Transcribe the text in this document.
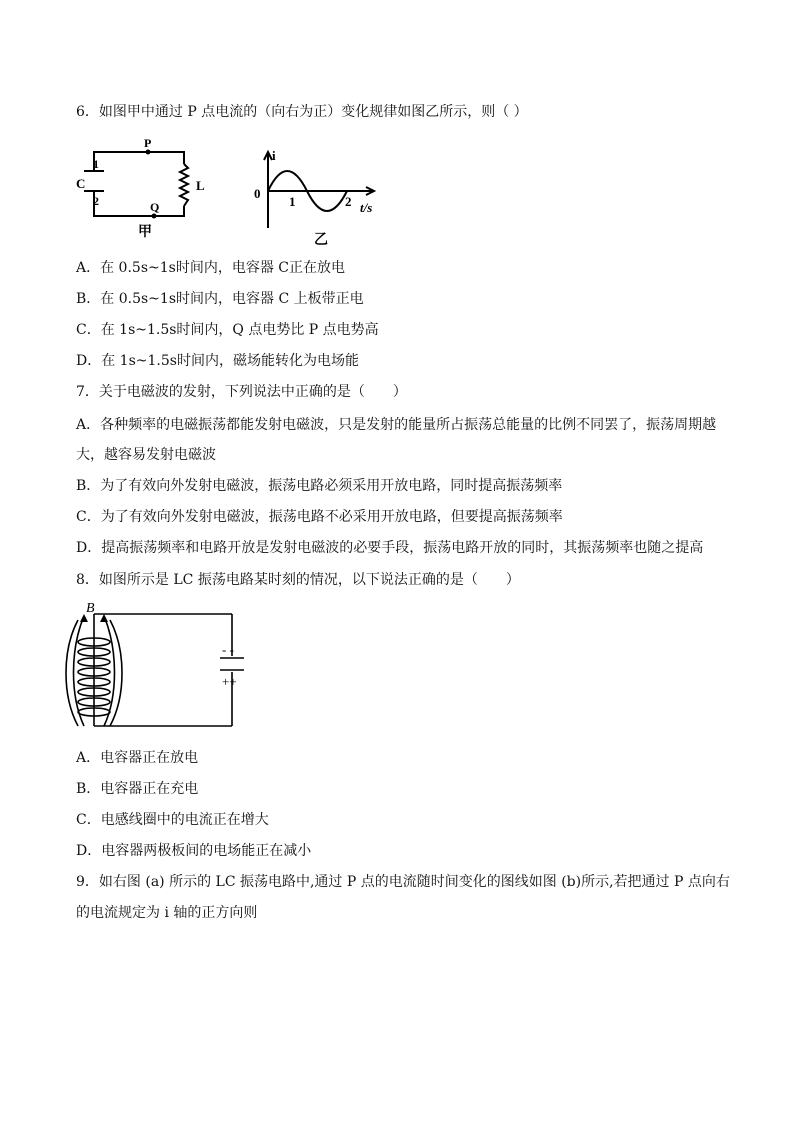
6．如图甲中通过 P 点电流的（向右为正）变化规律如图乙所示，则（ ）
C
1
2
P
Q
L
甲
i
0
1	2 t/s
乙
A．在 0.5s~1s时间内，电容器 C正在放电
B．在 0.5s~1s时间内，电容器 C 上板带正电
C．在 1s~1.5s时间内，Q 点电势比 P 点电势高
D．在 1s~1.5s时间内，磁场能转化为电场能
7．关于电磁波的发射，下列说法中正确的是（　　）
A．各种频率的电磁振荡都能发射电磁波，只是发射的能量所占振荡总能量的比例不同罢了，振荡周期越
大，越容易发射电磁波
B．为了有效向外发射电磁波，振荡电路必须采用开放电路，同时提高振荡频率
C．为了有效向外发射电磁波，振荡电路不必采用开放电路，但要提高振荡频率
D．提高振荡频率和电路开放是发射电磁波的必要手段，振荡电路开放的同时，其振荡频率也随之提高
8．如图所示是 LC 振荡电路某时刻的情况，以下说法正确的是（　　）
B
- -
++
A．电容器正在放电
B．电容器正在充电
C．电感线圈中的电流正在增大
D．电容器两极板间的电场能正在减小
9．如右图 (a) 所示的 LC 振荡电路中,通过 P 点的电流随时间变化的图线如图 (b)所示,若把通过 P 点向右
的电流规定为 i 轴的正方向则
